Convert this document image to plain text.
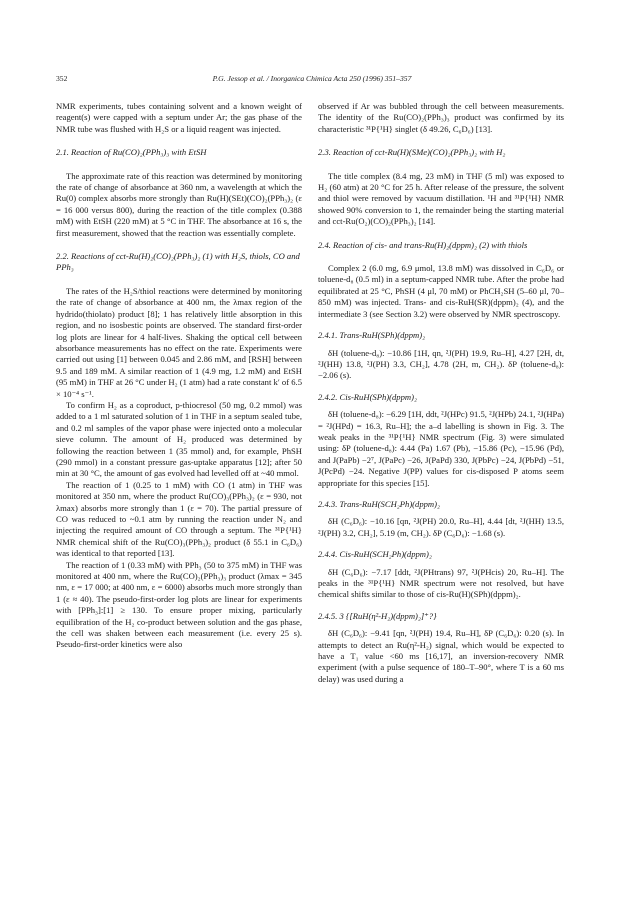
352	P.G. Jessop et al. / Inorganica Chimica Acta 250 (1996) 351–357

NMR experiments, tubes containing solvent and a known weight of reagent(s) were capped with a septum under Ar; the gas phase of the NMR tube was flushed with H₂S or a liquid reagent was injected.

2.1. Reaction of Ru(CO)₂(PPh₃)₃ with EtSH

The approximate rate of this reaction was determined by monitoring the rate of change of absorbance at 360 nm, a wavelength at which the Ru(0) complex absorbs more strongly than Ru(H)(SEt)(CO)₂(PPh₃)₂ (ε = 16 000 versus 800), during the reaction of the title complex (0.388 mM) with EtSH (220 mM) at 5 °C in THF. The absorbance at 16 s, the first measurement, showed that the reaction was essentially complete.

2.2. Reactions of cct-Ru(H)₂(CO)₂(PPh₃)₂ (1) with H₂S, thiols, CO and PPh₃

The rates of the H₂S/thiol reactions were determined by monitoring the rate of change of absorbance at 400 nm, the λmax region of the hydrido(thiolato) product [8]; 1 has relatively little absorption in this region, and no isosbestic points are observed. The standard first-order log plots are linear for 4 half-lives. Shaking the optical cell between absorbance measurements has no effect on the rate. Experiments were carried out using [1] between 0.045 and 2.86 mM, and [RSH] between 9.5 and 189 mM. A similar reaction of 1 (4.9 mg, 1.2 mM) and EtSH (95 mM) in THF at 26 °C under H₂ (1 atm) had a rate constant k′ of 6.5 × 10⁻⁴ s⁻¹.

To confirm H₂ as a coproduct, p-thiocresol (50 mg, 0.2 mmol) was added to a 1 ml saturated solution of 1 in THF in a septum sealed tube, and 0.2 ml samples of the vapor phase were injected onto a molecular sieve column. The amount of H₂ produced was determined by following the reaction between 1 (35 mmol) and, for example, PhSH (290 mmol) in a constant pressure gas-uptake apparatus [12]; after 50 min at 30 °C, the amount of gas evolved had levelled off at ~40 mmol.

The reaction of 1 (0.25 to 1 mM) with CO (1 atm) in THF was monitored at 350 nm, where the product Ru(CO)₃(PPh₃)₂ (ε = 930, not λmax) absorbs more strongly than 1 (ε = 70). The partial pressure of CO was reduced to ~0.1 atm by running the reaction under N₂ and injecting the required amount of CO through a septum. The ³¹P{¹H} NMR chemical shift of the Ru(CO)₃(PPh₃)₂ product (δ 55.1 in C₆D₆) was identical to that reported [13].

The reaction of 1 (0.33 mM) with PPh₃ (50 to 375 mM) in THF was monitored at 400 nm, where the Ru(CO)₂(PPh₃)₃ product (λmax = 345 nm, ε = 17 000; at 400 nm, ε = 6000) absorbs much more strongly than 1 (ε ≈ 40). The pseudo-first-order log plots are linear for experiments with [PPh₃]:[1] ≥ 130. To ensure proper mixing, particularly equilibration of the H₂ co-product between solution and the gas phase, the cell was shaken between each measurement (i.e. every 25 s). Pseudo-first-order kinetics were also

observed if Ar was bubbled through the cell between measurements. The identity of the Ru(CO)₂(PPh₃)₃ product was confirmed by its characteristic ³¹P{¹H} singlet (δ 49.26, C₆D₆) [13].

2.3. Reaction of cct-Ru(H)(SMe)(CO)₂(PPh₃)₂ with H₂

The title complex (8.4 mg, 23 mM) in THF (5 ml) was exposed to H₂ (60 atm) at 20 °C for 25 h. After release of the pressure, the solvent and thiol were removed by vacuum distillation. ¹H and ³¹P{¹H} NMR showed 90% conversion to 1, the remainder being the starting material and cct-Ru(O₂)(CO)₂(PPh₃)₂ [14].

2.4. Reaction of cis- and trans-Ru(H)₂(dppm)₂ (2) with thiols

Complex 2 (6.0 mg, 6.9 μmol, 13.8 mM) was dissolved in C₆D₆ or toluene-d₈ (0.5 ml) in a septum-capped NMR tube. After the probe had equilibrated at 25 °C, PhSH (4 μl, 70 mM) or PhCH₂SH (5–60 μl, 70–850 mM) was injected. Trans- and cis-RuH(SR)(dppm)₂ (4), and the intermediate 3 (see Section 3.2) were observed by NMR spectroscopy.

2.4.1. Trans-RuH(SPh)(dppm)₂

δH (toluene-d₈): −10.86 [1H, qn, ²J(PH) 19.9, Ru–H], 4.27 [2H, dt, ²J(HH) 13.8, ²J(PH) 3.3, CH₂], 4.78 (2H, m, CH₂). δP (toluene-d₈): −2.06 (s).

2.4.2. Cis-RuH(SPh)(dppm)₂

δH (toluene-d₈): −6.29 [1H, ddt, ²J(HPc) 91.5, ²J(HPb) 24.1, ²J(HPa) = ²J(HPd) = 16.3, Ru–H]; the a–d labelling is shown in Fig. 3. The weak peaks in the ³¹P{¹H} NMR spectrum (Fig. 3) were simulated using: δP (toluene-d₈): 4.44 (Pa) 1.67 (Pb), −15.86 (Pc), −15.96 (Pd), and J(PaPb) −2⁷, J(PaPc) −26, J(PaPd) 330, J(PbPc) −24, J(PbPd) −51, J(PcPd) −24. Negative J(PP) values for cis-disposed P atoms seem appropriate for this species [15].

2.4.3. Trans-RuH(SCH₂Ph)(dppm)₂

δH (C₆D₆): −10.16 [qn, ²J(PH) 20.0, Ru–H], 4.44 [dt, ²J(HH) 13.5, ²J(PH) 3.2, CH₂], 5.19 (m, CH₂). δP (C₆D₆): −1.68 (s).

2.4.4. Cis-RuH(SCH₂Ph)(dppm)₂

δH (C₆D₆): −7.17 [ddt, ²J(PHtrans) 97, ²J(PHcis) 20, Ru–H]. The peaks in the ³¹P{¹H} NMR spectrum were not resolved, but have chemical shifts similar to those of cis-Ru(H)(SPh)(dppm)₂.

2.4.5. 3 {[RuH(η²-H₂)(dppm)₂]⁺?}

δH (C₆D₆): −9.41 [qn, ²J(PH) 19.4, Ru–H], δP (C₆D₆): 0.20 (s). In attempts to detect an Ru(η²-H₂) signal, which would be expected to have a T₁ value <60 ms [16,17], an inversion-recovery NMR experiment (with a pulse sequence of 180–T–90°, where T is a 60 ms delay) was used during a
